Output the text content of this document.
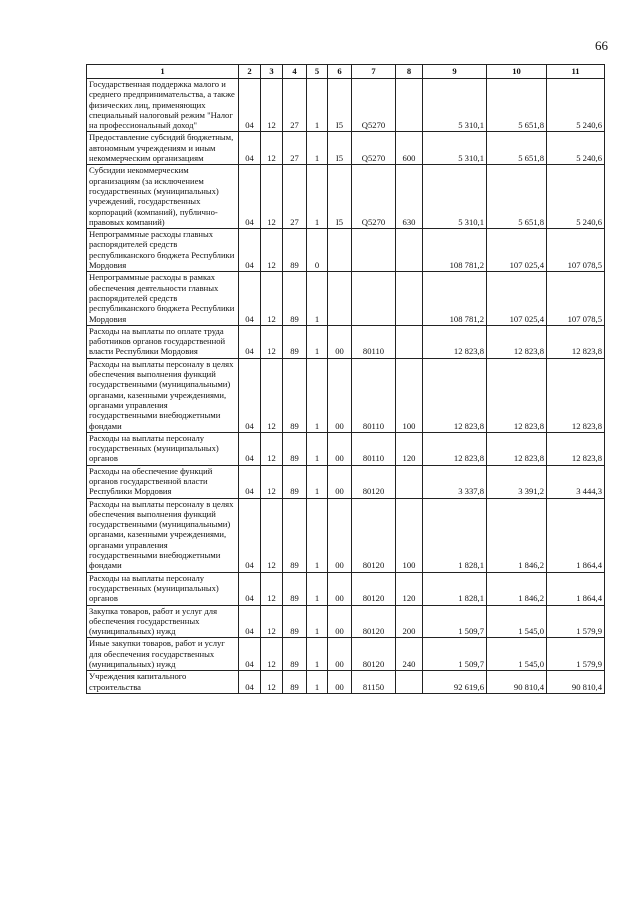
66
1	2	3	4	5	6	7	8	9	10	11
Государственная поддержка малого и среднего предпринимательства, а также физических лиц, применяющих специальный налоговый режим "Налог на профессиональный доход"	04	12	27	1	I5	Q5270		5 310,1	5 651,8	5 240,6
Предоставление субсидий бюджетным, автономным учреждениям и иным некоммерческим организациям	04	12	27	1	I5	Q5270	600	5 310,1	5 651,8	5 240,6
Субсидии некоммерческим организациям (за исключением государственных (муниципальных) учреждений, государственных корпораций (компаний), публично-правовых компаний)	04	12	27	1	I5	Q5270	630	5 310,1	5 651,8	5 240,6
Непрограммные расходы главных распорядителей средств республиканского бюджета Республики Мордовия	04	12	89	0				108 781,2	107 025,4	107 078,5
Непрограммные расходы в рамках обеспечения деятельности главных распорядителей средств республиканского бюджета Республики Мордовия	04	12	89	1				108 781,2	107 025,4	107 078,5
Расходы на выплаты по оплате труда работников органов государственной власти Республики Мордовия	04	12	89	1	00	80110		12 823,8	12 823,8	12 823,8
Расходы на выплаты персоналу в целях обеспечения выполнения функций государственными (муниципальными) органами, казенными учреждениями, органами управления государственными внебюджетными фондами	04	12	89	1	00	80110	100	12 823,8	12 823,8	12 823,8
Расходы на выплаты персоналу государственных (муниципальных) органов	04	12	89	1	00	80110	120	12 823,8	12 823,8	12 823,8
Расходы на обеспечение функций органов государственной власти Республики Мордовия	04	12	89	1	00	80120		3 337,8	3 391,2	3 444,3
Расходы на выплаты персоналу в целях обеспечения выполнения функций государственными (муниципальными) органами, казенными учреждениями, органами управления государственными внебюджетными фондами	04	12	89	1	00	80120	100	1 828,1	1 846,2	1 864,4
Расходы на выплаты персоналу государственных (муниципальных) органов	04	12	89	1	00	80120	120	1 828,1	1 846,2	1 864,4
Закупка товаров, работ и услуг для обеспечения государственных (муниципальных) нужд	04	12	89	1	00	80120	200	1 509,7	1 545,0	1 579,9
Иные закупки товаров, работ и услуг для обеспечения государственных (муниципальных) нужд	04	12	89	1	00	80120	240	1 509,7	1 545,0	1 579,9
Учреждения капитального строительства	04	12	89	1	00	81150		92 619,6	90 810,4	90 810,4
